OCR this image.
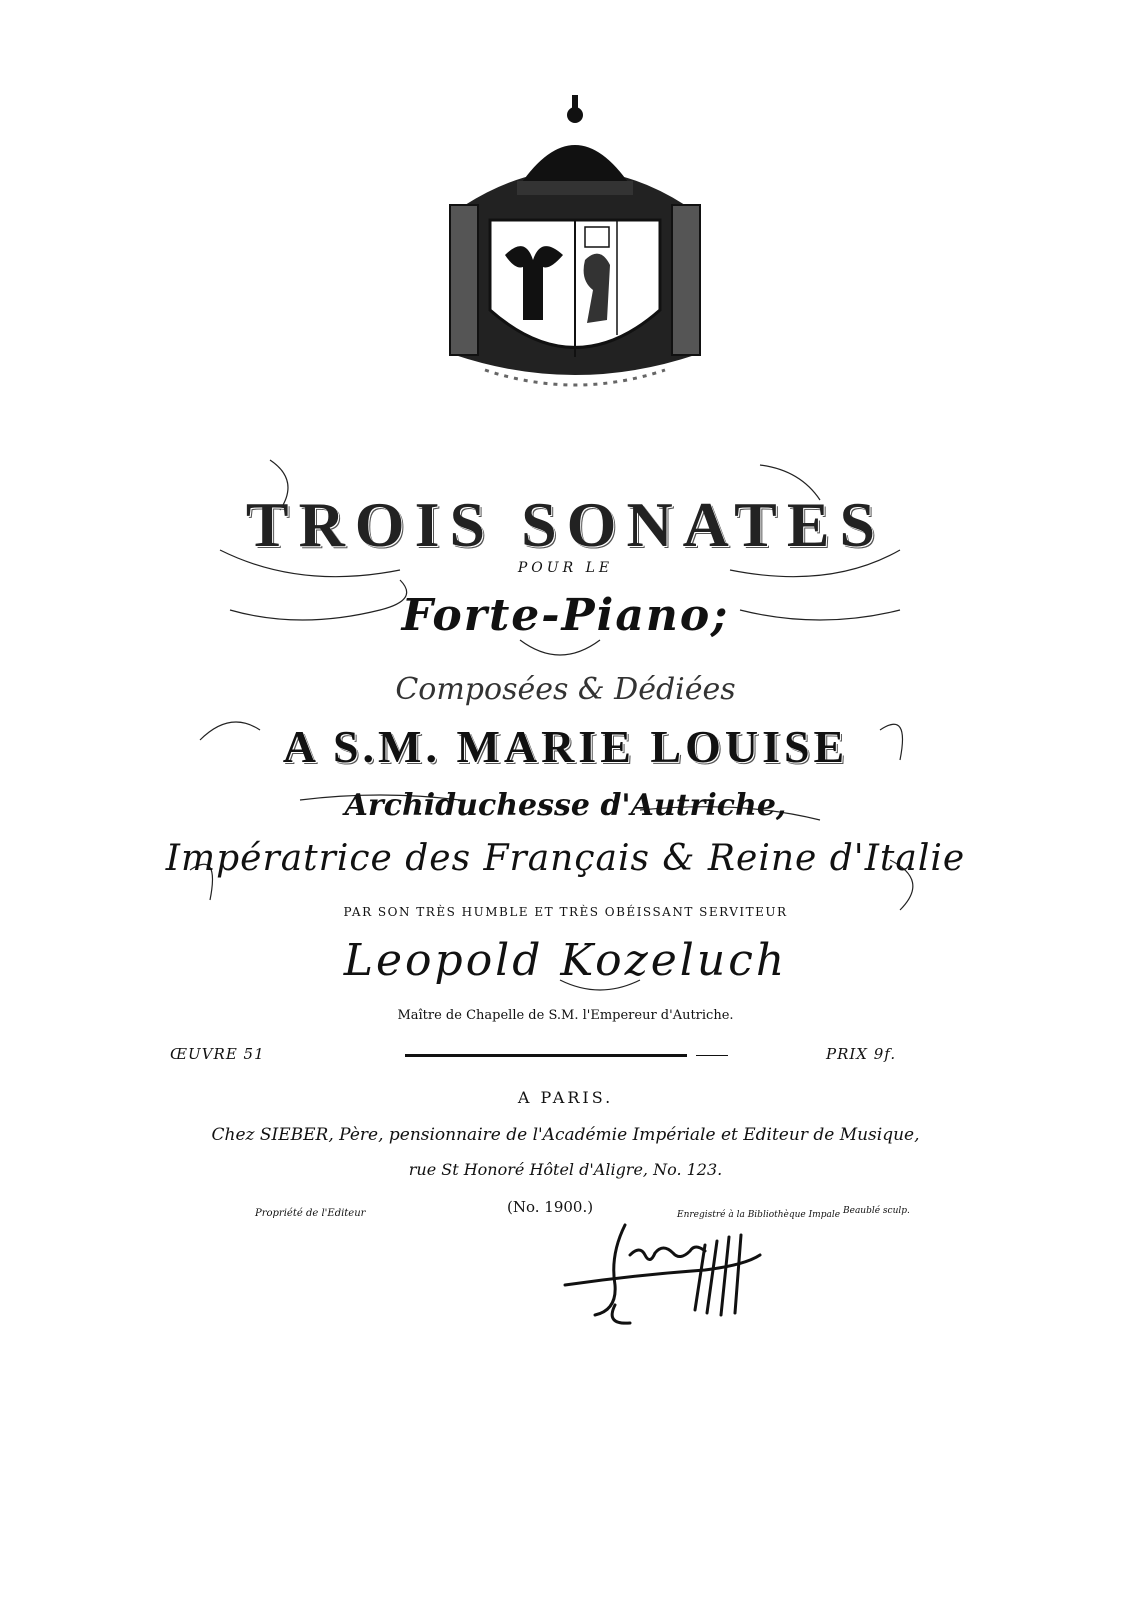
TROIS SONATES
POUR LE
Forte-Piano;
Composées & Dédiées
A S.M. MARIE LOUISE
Archiduchesse d'Autriche,
Impératrice des Français & Reine d'Italie
PAR SON TRÈS HUMBLE ET TRÈS OBÉISSANT SERVITEUR
Leopold Kozeluch
Maître de Chapelle de S.M. l'Empereur d'Autriche.
ŒUVRE 51	PRIX 9f.
A PARIS.
Chez SIEBER, Père, pensionnaire de l'Académie Impériale et Editeur de Musique,
rue St Honoré Hôtel d'Aligre, No. 123.
Propriété de l'Editeur	(No. 1900.)	Enregistré à la Bibliothèque Impale Beaublé sculp.
